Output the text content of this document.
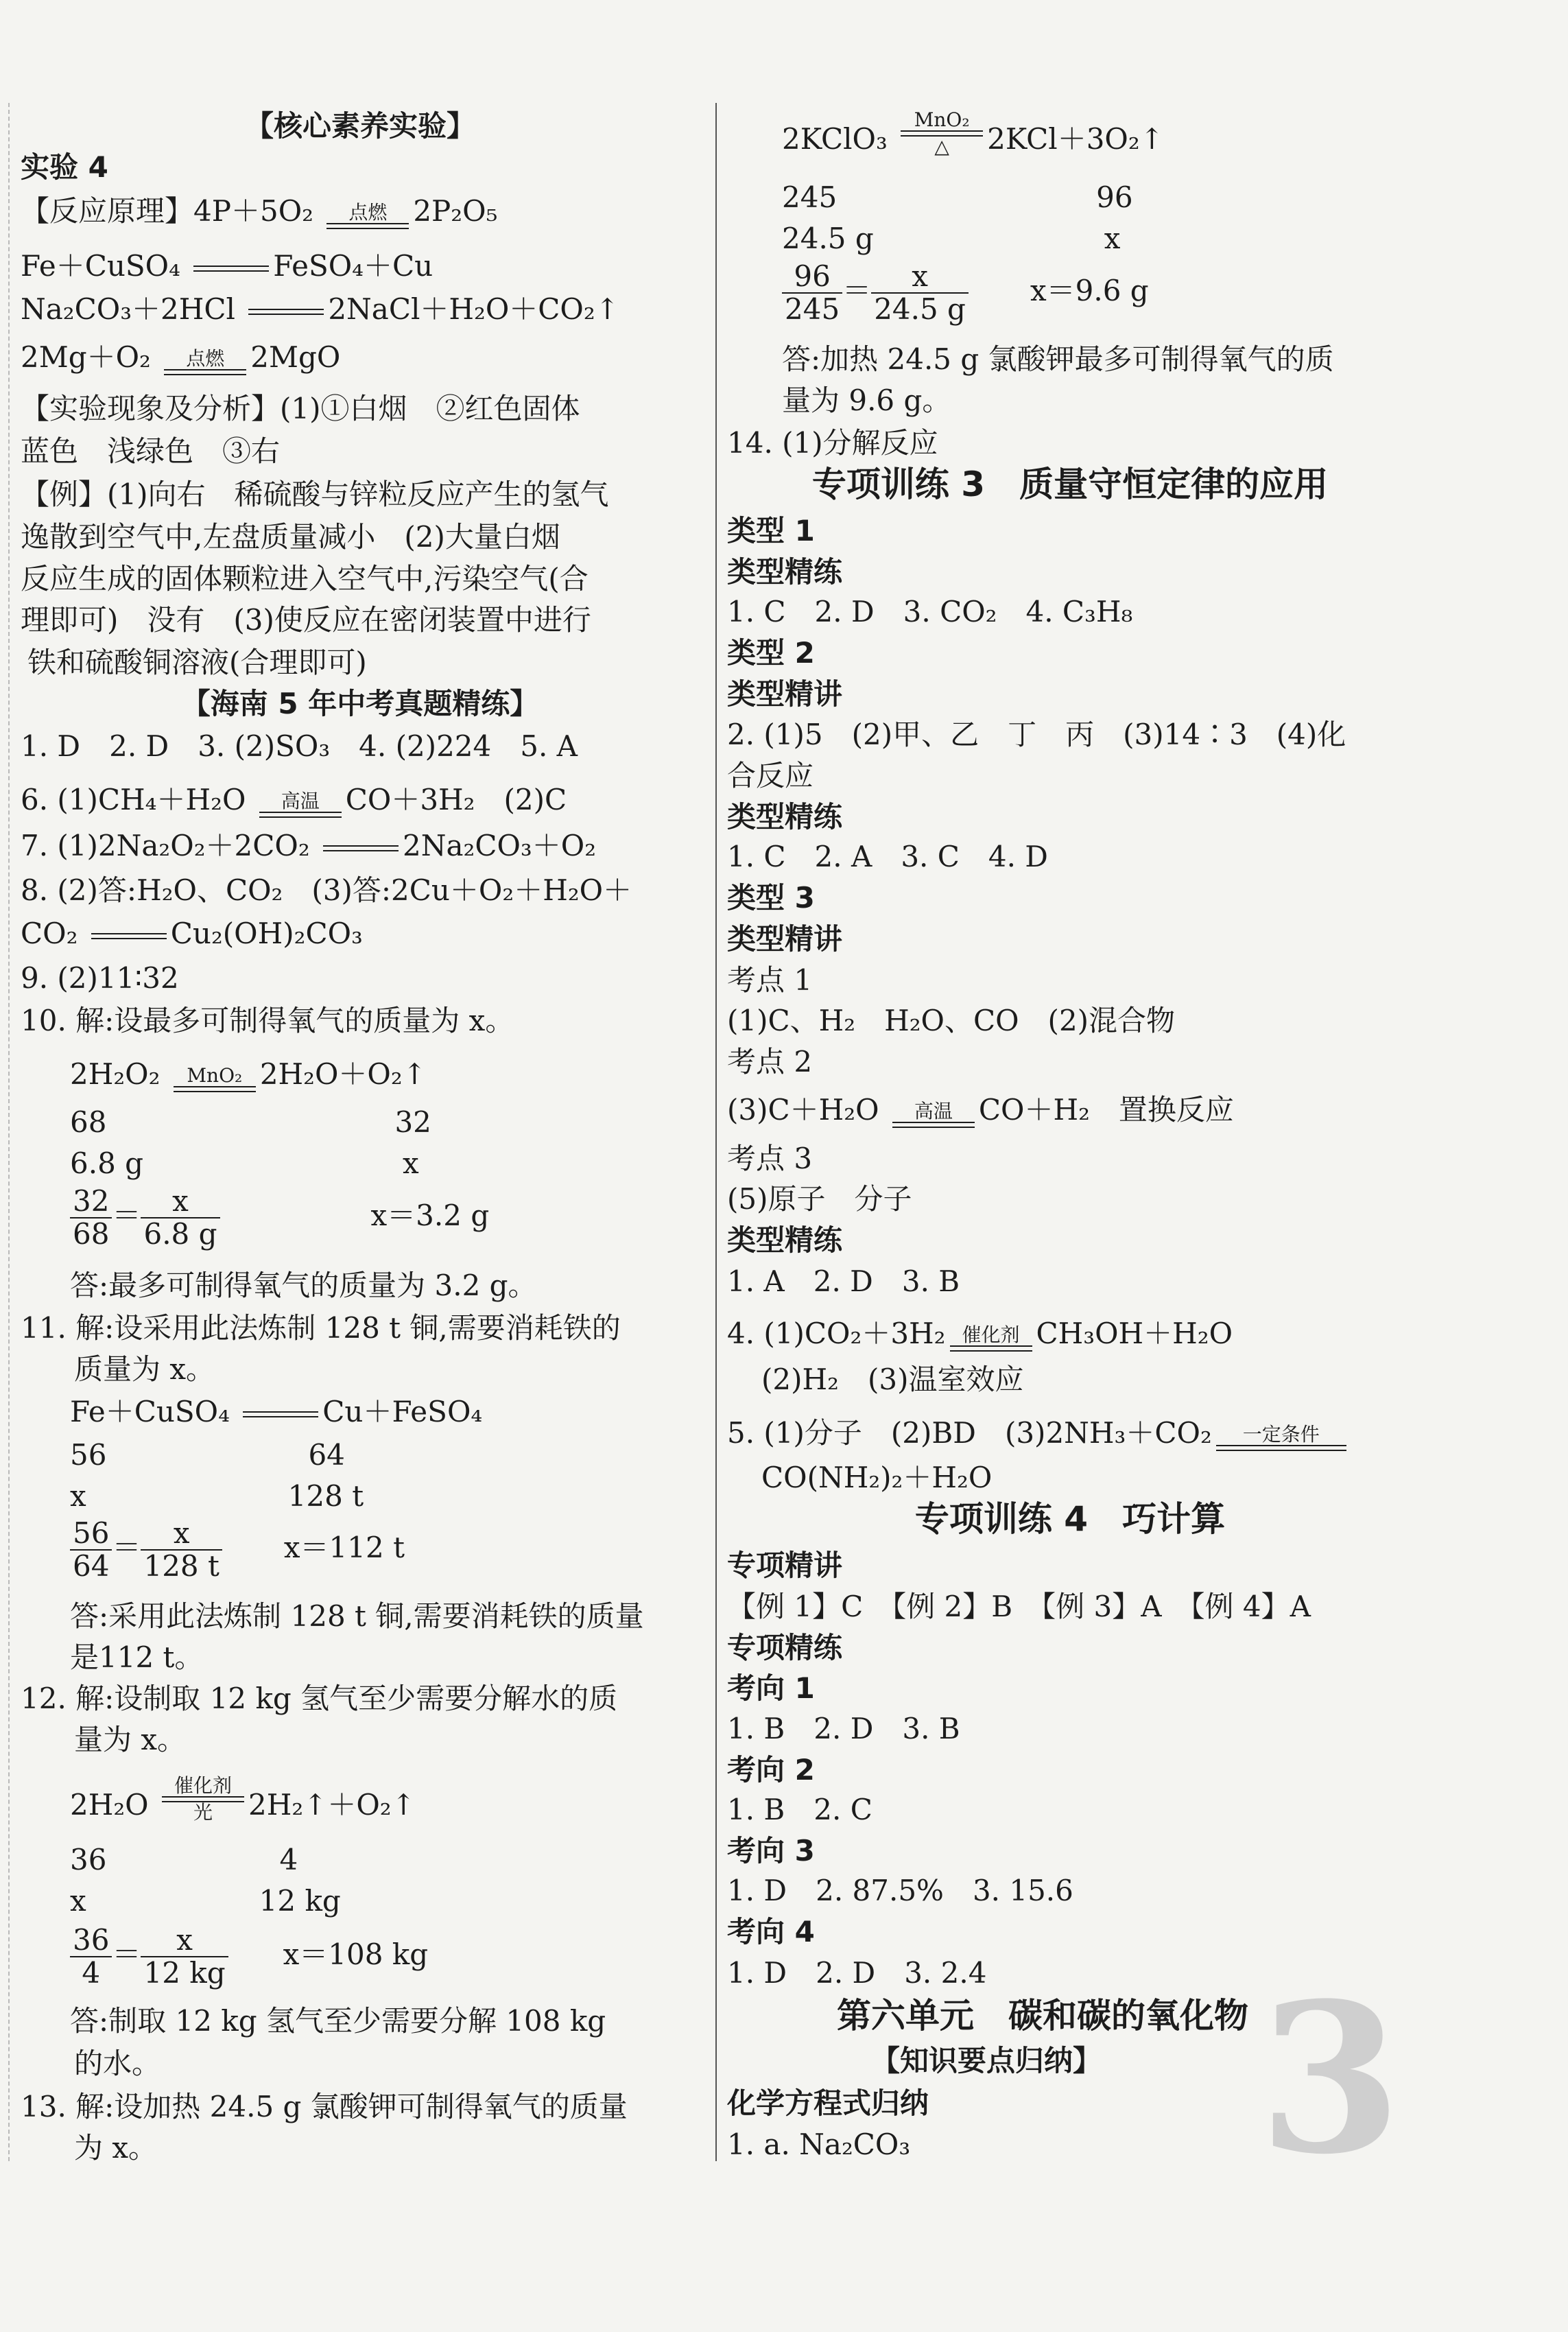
【核心素养实验】
实验 4
【反应原理】4P＋5O₂	点燃 2P₂O₅
Fe＋CuSO₄	FeSO₄＋Cu
Na₂CO₃＋2HCl	2NaCl＋H₂O＋CO₂↑
2Mg＋O₂	点燃 2MgO
【实验现象及分析】(1)①白烟　②红色固体
蓝色　浅绿色　③右
【例】(1)向右　稀硫酸与锌粒反应产生的氢气
逸散到空气中,左盘质量减小　(2)大量白烟
反应生成的固体颗粒进入空气中,污染空气(合
理即可)　没有　(3)使反应在密闭装置中进行
铁和硫酸铜溶液(合理即可)
【海南 5 年中考真题精练】
1. D　2. D　3. (2)SO₃　4. (2)224　5. A
6. (1)CH₄＋H₂O	高温 CO＋3H₂　(2)C
7. (1)2Na₂O₂＋2CO₂	2Na₂CO₃＋O₂
8. (2)答:H₂O、CO₂　(3)答:2Cu＋O₂＋H₂O＋
CO₂	Cu₂(OH)₂CO₃
9. (2)11∶32
10. 解:设最多可制得氧气的质量为 x。
2H₂O₂ MnO₂ 2H₂O＋O₂↑
68　　　　　　　　　　32
6.8 g　　　　　　　　　x
$\frac{32}{68} = \frac{x}{6.8 g}$	x＝3.2 g
答:最多可制得氧气的质量为 3.2 g。
11. 解:设采用此法炼制 128 t 铜,需要消耗铁的
质量为 x。
Fe＋CuSO₄	Cu＋FeSO₄
56　　　　　　　64
x　　　　　　　128 t
$\frac{56}{64} = \frac{x}{128 t} x=112$ t
答:采用此法炼制 128 t 铜,需要消耗铁的质量
是112 t。
12. 解:设制取 12 kg 氢气至少需要分解水的质
量为 x。
2H₂O
催化剂
光	2H₂↑＋O₂↑
36　　　　　　4
x　　　　　　12 kg
$\frac{36}{4} = \frac{x}{12 kg} x=108$ kg
答:制取 12 kg 氢气至少需要分解 108 kg
的水。
13. 解:设加热 24.5 g 氯酸钾可制得氧气的质量
为 x。
2KClO₃
MnO₂
△	2KCl＋3O₂↑
245　　　　　　　　　96
24.5 g　　　　　　　　x
$\frac{96}{245} = \frac{x}{24.5 g} x=9.6$ g
答:加热 24.5 g 氯酸钾最多可制得氧气的质
量为 9.6 g。
14. (1)分解反应
专项训练 3　质量守恒定律的应用
类型 1
类型精练
1. C　2. D　3. CO₂　4. C₃H₈
类型 2
类型精讲
2. (1)5　(2)甲、乙　丁　丙　(3)14∶3　(4)化
合反应
类型精练
1. C　2. A　3. C　4. D
类型 3
类型精讲
考点 1
(1)C、H₂　H₂O、CO　(2)混合物
考点 2
(3)C＋H₂O	高温 CO＋H₂　置换反应
考点 3
(5)原子　分子
类型精练
1. A　2. D　3. B
4. (1)CO₂＋3H₂ 催化剂 CH₃OH＋H₂O
(2)H₂　(3)温室效应
5. (1)分子　(2)BD　(3)2NH₃＋CO₂	一定条件
CO(NH₂)₂＋H₂O
专项训练 4　巧计算
专项精讲
【例 1】C　【例 2】B　【例 3】A　【例 4】A
专项精练
考向 1
1. B　2. D　3. B
考向 2
1. B　2. C
考向 3
1. D　2. 87.5%　3. 15.6
考向 4
1. D　2. D　3. 2.4
第六单元　碳和碳的氧化物
【知识要点归纳】
化学方程式归纳
1. a. Na₂CO₃ 3
